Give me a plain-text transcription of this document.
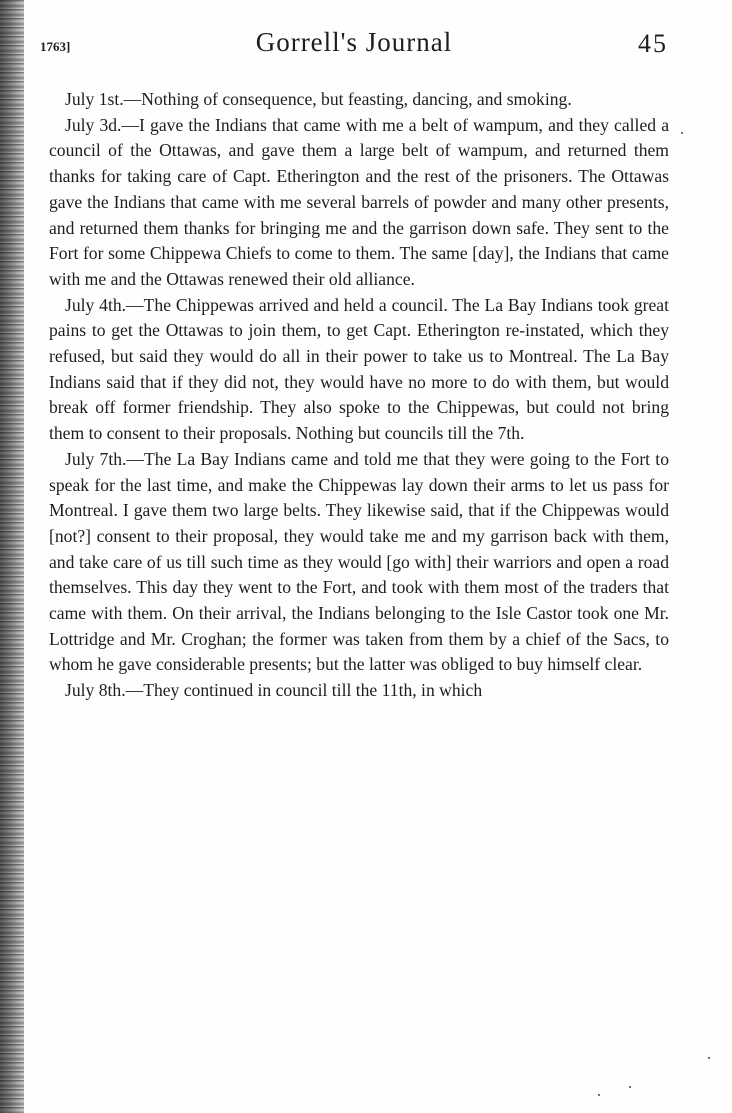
1763]	Gorrell's Journal	45

July 1st.—Nothing of consequence, but feasting, dancing, and smoking.

July 3d.—I gave the Indians that came with me a belt of wampum, and they called a council of the Ottawas, and gave them a large belt of wampum, and returned them thanks for taking care of Capt. Etherington and the rest of the prisoners. The Ottawas gave the Indians that came with me several barrels of powder and many other presents, and returned them thanks for bringing me and the garrison down safe. They sent to the Fort for some Chippewa Chiefs to come to them. The same [day], the Indians that came with me and the Ottawas renewed their old alliance.

July 4th.—The Chippewas arrived and held a council. The La Bay Indians took great pains to get the Ottawas to join them, to get Capt. Etherington re-instated, which they refused, but said they would do all in their power to take us to Montreal. The La Bay Indians said that if they did not, they would have no more to do with them, but would break off former friendship. They also spoke to the Chippewas, but could not bring them to consent to their proposals. Nothing but councils till the 7th.

July 7th.—The La Bay Indians came and told me that they were going to the Fort to speak for the last time, and make the Chippewas lay down their arms to let us pass for Montreal. I gave them two large belts. They likewise said, that if the Chippewas would [not?] consent to their proposal, they would take me and my garrison back with them, and take care of us till such time as they would [go with] their warriors and open a road themselves. This day they went to the Fort, and took with them most of the traders that came with them. On their arrival, the Indians belonging to the Isle Castor took one Mr. Lottridge and Mr. Croghan; the former was taken from them by a chief of the Sacs, to whom he gave considerable presents; but the latter was obliged to buy himself clear.

July 8th.—They continued in council till the 11th, in which
